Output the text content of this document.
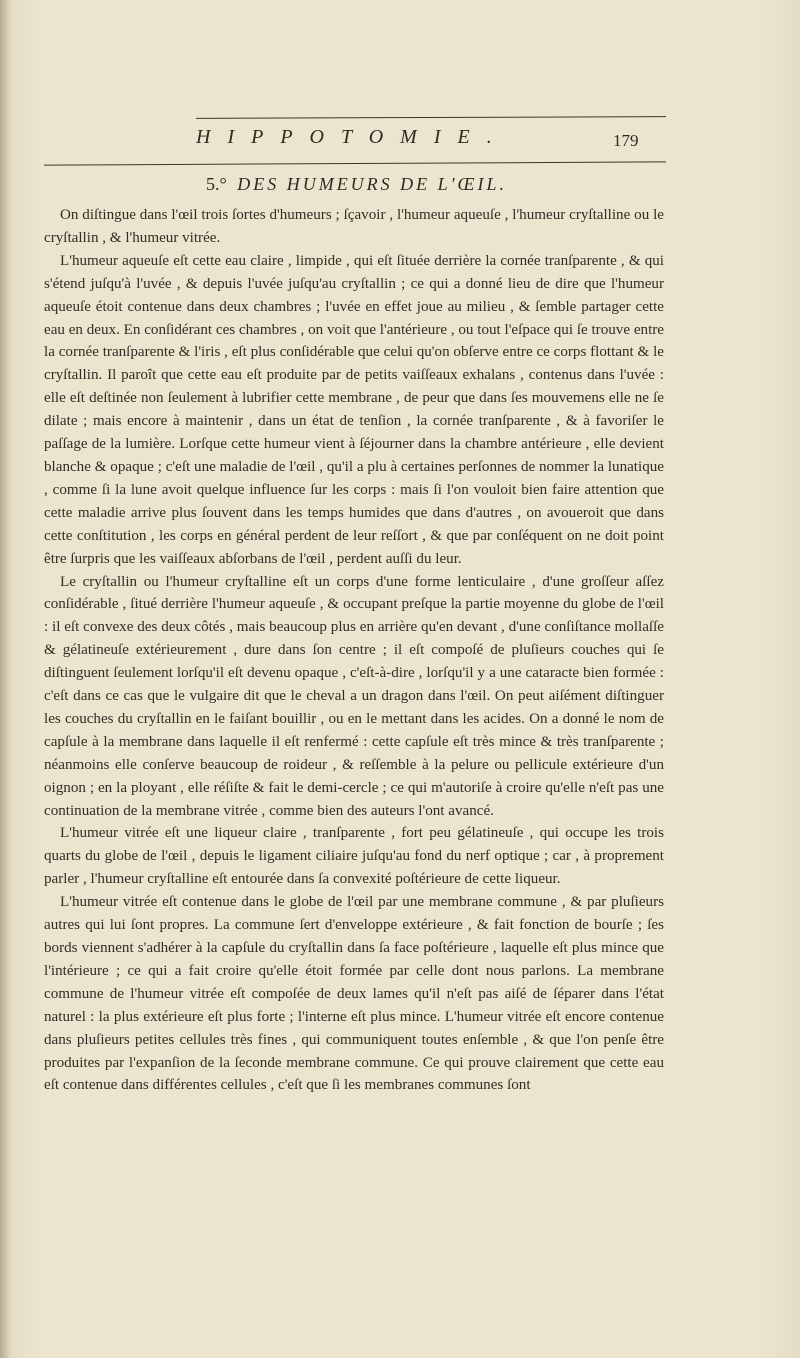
HIPPOTOMIE.	179
5.° DES HUMEURS DE L'ŒIL.

On diſtingue dans l'œil trois ſortes d'humeurs ; ſçavoir , l'humeur aqueuſe , l'humeur cryſtalline ou le cryſtallin , & l'humeur vitrée.

L'humeur aqueuſe eſt cette eau claire , limpide , qui eſt ſituée derrière la cornée tranſparente , & qui s'étend juſqu'à l'uvée , & depuis l'uvée juſqu'au cryſtallin ; ce qui a donné lieu de dire que l'humeur aqueuſe étoit contenue dans deux chambres ; l'uvée en effet joue au milieu , & ſemble partager cette eau en deux. En conſidérant ces chambres , on voit que l'antérieure , ou tout l'eſpace qui ſe trouve entre la cornée tranſparente & l'iris , eſt plus conſidérable que celui qu'on obſerve entre ce corps flottant & le cryſtallin. Il paroît que cette eau eſt produite par de petits vaiſſeaux exhalans , contenus dans l'uvée : elle eſt deſtinée non ſeulement à lubrifier cette membrane , de peur que dans ſes mouvemens elle ne ſe dilate ; mais encore à maintenir , dans un état de tenſion , la cornée tranſparente , & à favoriſer le paſſage de la lumière. Lorſque cette humeur vient à ſéjourner dans la chambre antérieure , elle devient blanche & opaque ; c'eſt une maladie de l'œil , qu'il a plu à certaines perſonnes de nommer la lunatique , comme ſi la lune avoit quelque influence ſur les corps : mais ſi l'on vouloit bien faire attention que cette maladie arrive plus ſouvent dans les temps humides que dans d'autres , on avoueroit que dans cette conſtitution , les corps en général perdent de leur reſſort , & que par conſéquent on ne doit point être ſurpris que les vaiſſeaux abſorbans de l'œil , perdent auſſi du leur.

Le cryſtallin ou l'humeur cryſtalline eſt un corps d'une forme lenticulaire , d'une groſſeur aſſez conſidérable , ſitué derrière l'humeur aqueuſe , & occupant preſque la partie moyenne du globe de l'œil : il eſt convexe des deux côtés , mais beaucoup plus en arrière qu'en devant , d'une conſiſtance mollaſſe & gélatineuſe extérieurement , dure dans ſon centre ; il eſt compoſé de pluſieurs couches qui ſe diſtinguent ſeulement lorſqu'il eſt devenu opaque , c'eſt-à-dire , lorſqu'il y a une cataracte bien formée : c'eſt dans ce cas que le vulgaire dit que le cheval a un dragon dans l'œil. On peut aiſément diſtinguer les couches du cryſtallin en le faiſant bouillir , ou en le mettant dans les acides. On a donné le nom de capſule à la membrane dans laquelle il eſt renfermé : cette capſule eſt très mince & très tranſparente ; néanmoins elle conſerve beaucoup de roideur , & reſſemble à la pelure ou pellicule extérieure d'un oignon ; en la ployant , elle réſiſte & fait le demi-cercle ; ce qui m'autoriſe à croire qu'elle n'eſt pas une continuation de la membrane vitrée , comme bien des auteurs l'ont avancé.

L'humeur vitrée eſt une liqueur claire , tranſparente , fort peu gélatineuſe , qui occupe les trois quarts du globe de l'œil , depuis le ligament ciliaire juſqu'au fond du nerf optique ; car , à proprement parler , l'humeur cryſtalline eſt entourée dans ſa convexité poſtérieure de cette liqueur.

L'humeur vitrée eſt contenue dans le globe de l'œil par une membrane commune , & par pluſieurs autres qui lui ſont propres. La commune ſert d'enveloppe extérieure , & fait fonction de bourſe ; ſes bords viennent s'adhérer à la capſule du cryſtallin dans ſa face poſtérieure , laquelle eſt plus mince que l'intérieure ; ce qui a fait croire qu'elle étoit formée par celle dont nous parlons. La membrane commune de l'humeur vitrée eſt compoſée de deux lames qu'il n'eſt pas aiſé de ſéparer dans l'état naturel : la plus extérieure eſt plus forte ; l'interne eſt plus mince. L'humeur vitrée eſt encore contenue dans pluſieurs petites cellules très fines , qui communiquent toutes enſemble , & que l'on penſe être produites par l'expanſion de la ſeconde membrane commune. Ce qui prouve clairement que cette eau eſt contenue dans différentes cellules , c'eſt que ſi les membranes communes ſont
